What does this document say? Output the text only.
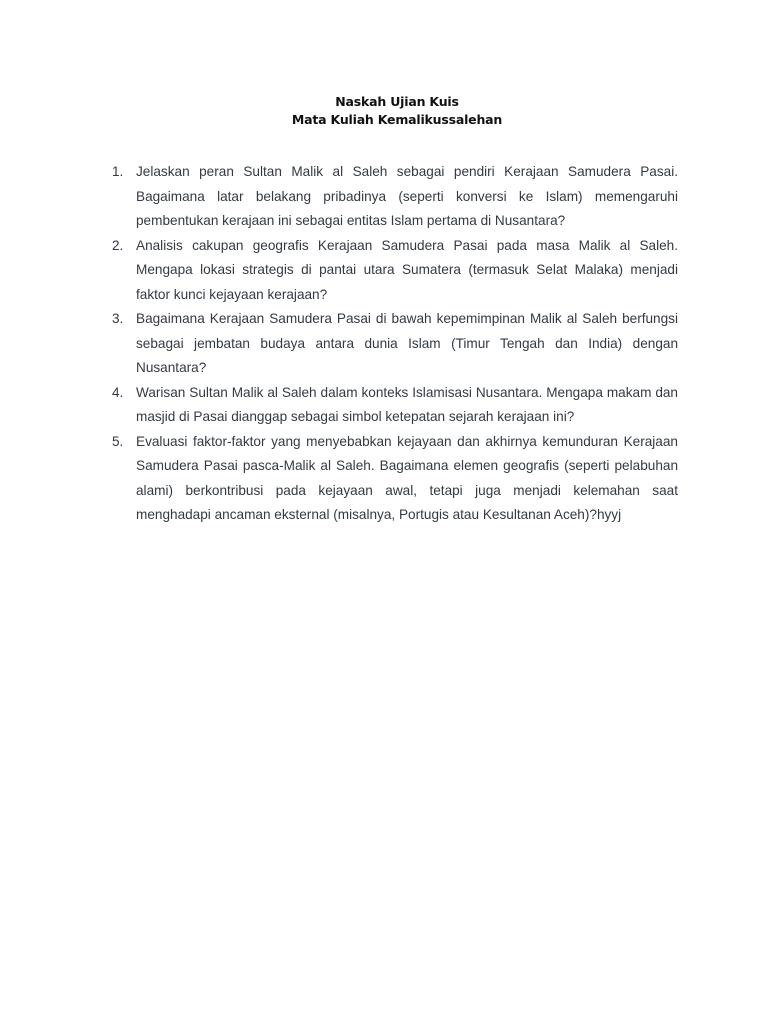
Naskah Ujian Kuis
Mata Kuliah Kemalikussalehan
1. Jelaskan peran Sultan Malik al Saleh sebagai pendiri Kerajaan Samudera Pasai. Bagaimana latar belakang pribadinya (seperti konversi ke Islam) memengaruhi pembentukan kerajaan ini sebagai entitas Islam pertama di Nusantara?
2. Analisis cakupan geografis Kerajaan Samudera Pasai pada masa Malik al Saleh. Mengapa lokasi strategis di pantai utara Sumatera (termasuk Selat Malaka) menjadi faktor kunci kejayaan kerajaan?
3. Bagaimana Kerajaan Samudera Pasai di bawah kepemimpinan Malik al Saleh berfungsi sebagai jembatan budaya antara dunia Islam (Timur Tengah dan India) dengan Nusantara?
4. Warisan Sultan Malik al Saleh dalam konteks Islamisasi Nusantara. Mengapa makam dan masjid di Pasai dianggap sebagai simbol ketepatan sejarah kerajaan ini?
5. Evaluasi faktor-faktor yang menyebabkan kejayaan dan akhirnya kemunduran Kerajaan Samudera Pasai pasca-Malik al Saleh. Bagaimana elemen geografis (seperti pelabuhan alami) berkontribusi pada kejayaan awal, tetapi juga menjadi kelemahan saat menghadapi ancaman eksternal (misalnya, Portugis atau Kesultanan Aceh)?hyyj
